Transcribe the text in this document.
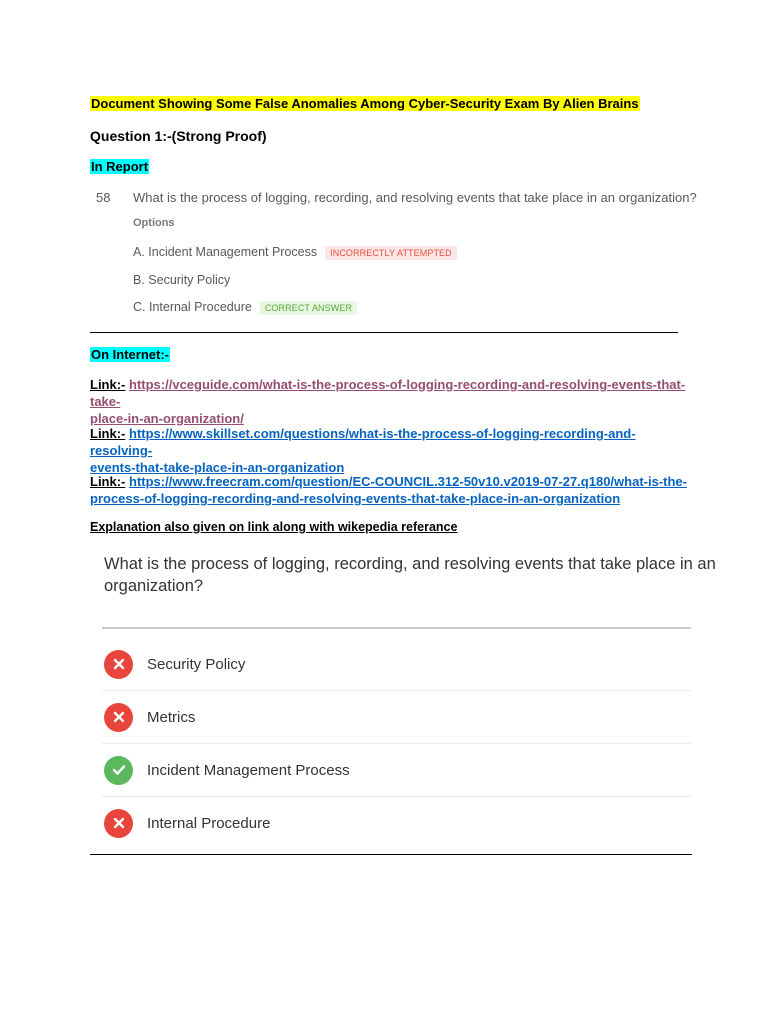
Document Showing Some False Anomalies Among Cyber-Security Exam By Alien Brains
Question 1:-(Strong Proof)
In Report
58 What is the process of logging, recording, and resolving events that take place in an organization?
Options
A. Incident Management Process INCORRECTLY ATTEMPTED
B. Security Policy
C. Internal Procedure CORRECT ANSWER
On Internet:-
Link:- https://vceguide.com/what-is-the-process-of-logging-recording-and-resolving-events-that-take-
place-in-an-organization/
Link:- https://www.skillset.com/questions/what-is-the-process-of-logging-recording-and-resolving-
events-that-take-place-in-an-organization
Link:- https://www.freecram.com/question/EC-COUNCIL.312-50v10.v2019-07-27.q180/what-is-the-
process-of-logging-recording-and-resolving-events-that-take-place-in-an-organization
Explanation also given on link along with wikepedia referance
What is the process of logging, recording, and resolving events that take place in an
organization?
Security Policy
Metrics
Incident Management Process
Internal Procedure
